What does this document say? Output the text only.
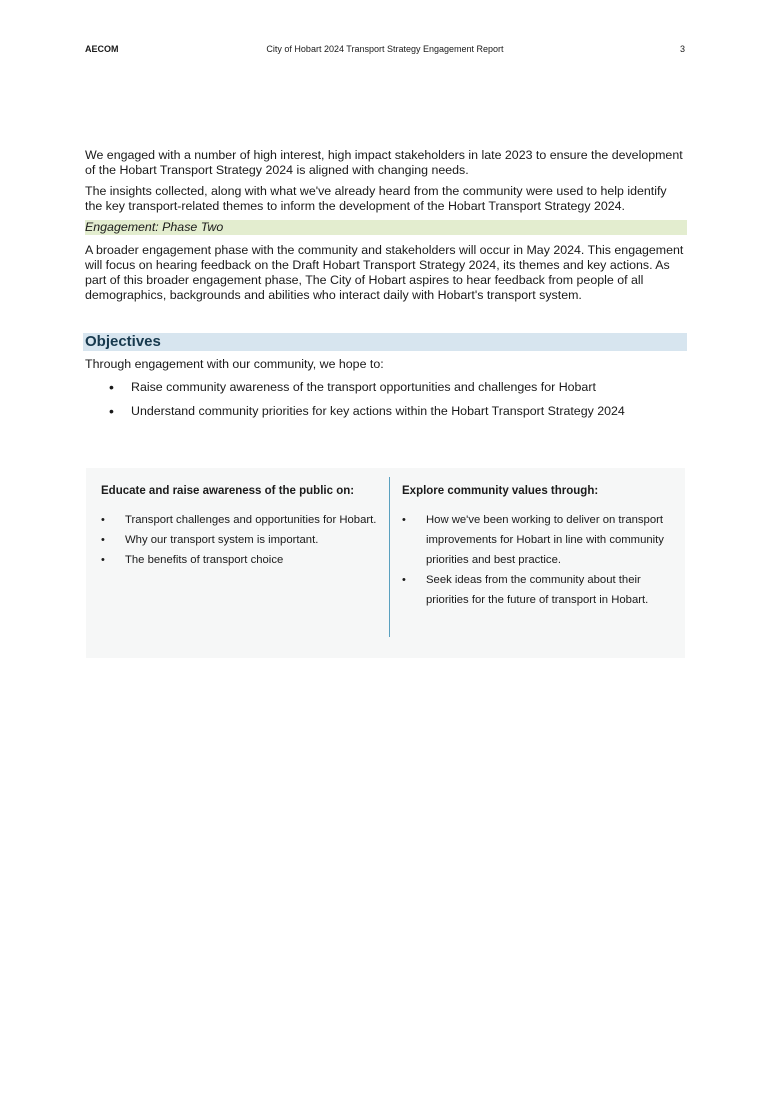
AECOM	City of Hobart 2024 Transport Strategy Engagement Report	3

We engaged with a number of high interest, high impact stakeholders in late 2023 to ensure the development of the Hobart Transport Strategy 2024 is aligned with changing needs.

The insights collected, along with what we've already heard from the community were used to help identify the key transport-related themes to inform the development of the Hobart Transport Strategy 2024.

Engagement: Phase Two

A broader engagement phase with the community and stakeholders will occur in May 2024. This engagement will focus on hearing feedback on the Draft Hobart Transport Strategy 2024, its themes and key actions. As part of this broader engagement phase, The City of Hobart aspires to hear feedback from people of all demographics, backgrounds and abilities who interact daily with Hobart's transport system.

Objectives

Through engagement with our community, we hope to:

• Raise community awareness of the transport opportunities and challenges for Hobart
• Understand community priorities for key actions within the Hobart Transport Strategy 2024
Educate and raise awareness of the public on:
• Transport challenges and opportunities for Hobart.
• Why our transport system is important.
• The benefits of transport choice
Explore community values through:
• How we've been working to deliver on transport improvements for Hobart in line with community priorities and best practice.
• Seek ideas from the community about their priorities for the future of transport in Hobart.
